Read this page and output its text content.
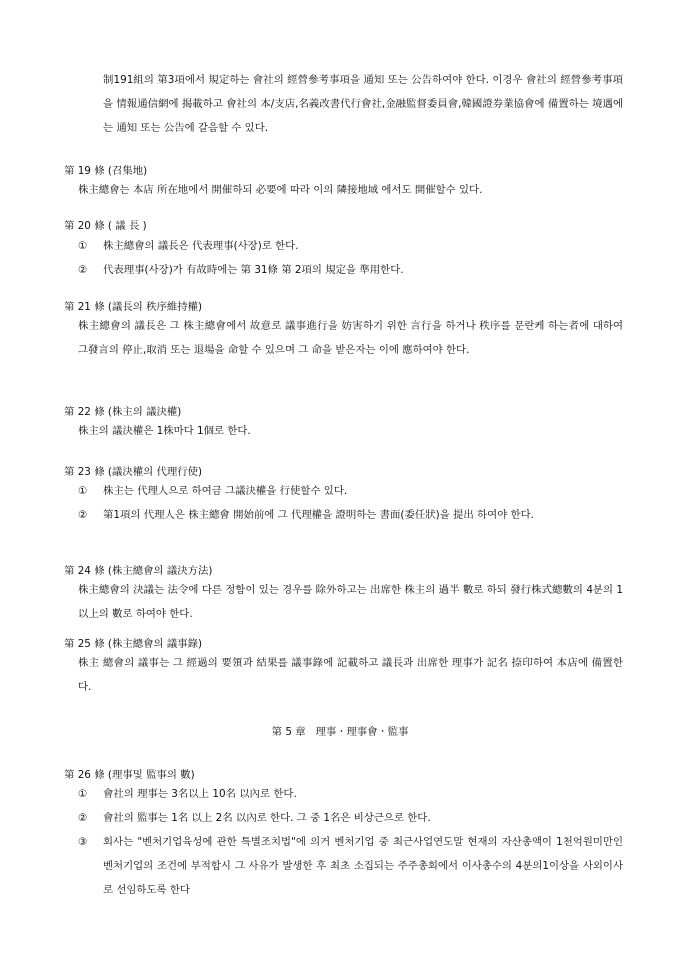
制191組의 第3項에서 規定하는 會社의 經營參考事項을 通知 또는 公告하여야 한다. 이경우 會社의 經營參考事項을 情報通信網에 揭載하고 會社의 本/支店,名義改書代行會社,金融監督委員會,韓國證券業協會에 備置하는 境遇에는 通知 또는 公告에 갈음할 수 있다.
第 19 條 (召集地)
株主總會는 本店 所在地에서 開催하되 必要에 따라 이의 隣接地域 에서도 開催할수 있다.
第 20 條 ( 議 長 )
①	株主總會의 議長은 代表理事(사장)로 한다.
②	代表理事(사장)가 有故時에는 第 31條 第 2項의 規定을 準用한다.
第 21 條 (議長의 秩序維持權)
株主總會의 議長은 그 株主總會에서 故意로 議事進行을 妨害하기 위한 言行을 하거나 秩序를 문란케 하는者에 대하여 그發言의 停止,取消 또는 退場을 命할 수 있으며 그 命을 받은자는 이에 應하여야 한다.
第 22 條 (株主의 議決權)
株主의 議決權은 1株마다 1個로 한다.
第 23 條 (議決權의 代理行使)
①	株主는 代理人으로 하여금 그議決權을 行使할수 있다.
②	第1項의 代理人은 株主總會 開始前에 그 代理權을 證明하는 書面(委任狀)을 提出 하여야 한다.
第 24 條 (株主總會의 議決方法)
株主總會의 決議는 法令에 다른 정함이 있는 경우를 除外하고는 出席한 株主의 過半 數로 하되 發行株式總數의 4분의 1 以上의 數로 하여야 한다.
第 25 條 (株主總會의 議事錄)
株主 總會의 議事는 그 經過의 要領과 結果를 議事錄에 記載하고 議長과 出席한 理事가 記名 捺印하여 本店에 備置한다.
第 5 章   理事ㆍ理事會ㆍ監事
第 26 條 (理事및 監事의 數)
①	會社의 理事는 3名以上 10名 以內로 한다.
②	會社의 監事는 1名 以上 2名 以內로 한다. 그 중 1名은 비상근으로 한다.
③	회사는 "벤처기업육성에 관한 특별조치법"에 의거 벤처기업 중 최근사업연도말 현재의 자산총액이 1천억원미만인 벤처기업의 조건에 부적합시 그 사유가 발생한 후 최초 소집되는 주주총회에서 이사총수의 4분의1이상을 사외이사로 선임하도록 한다
